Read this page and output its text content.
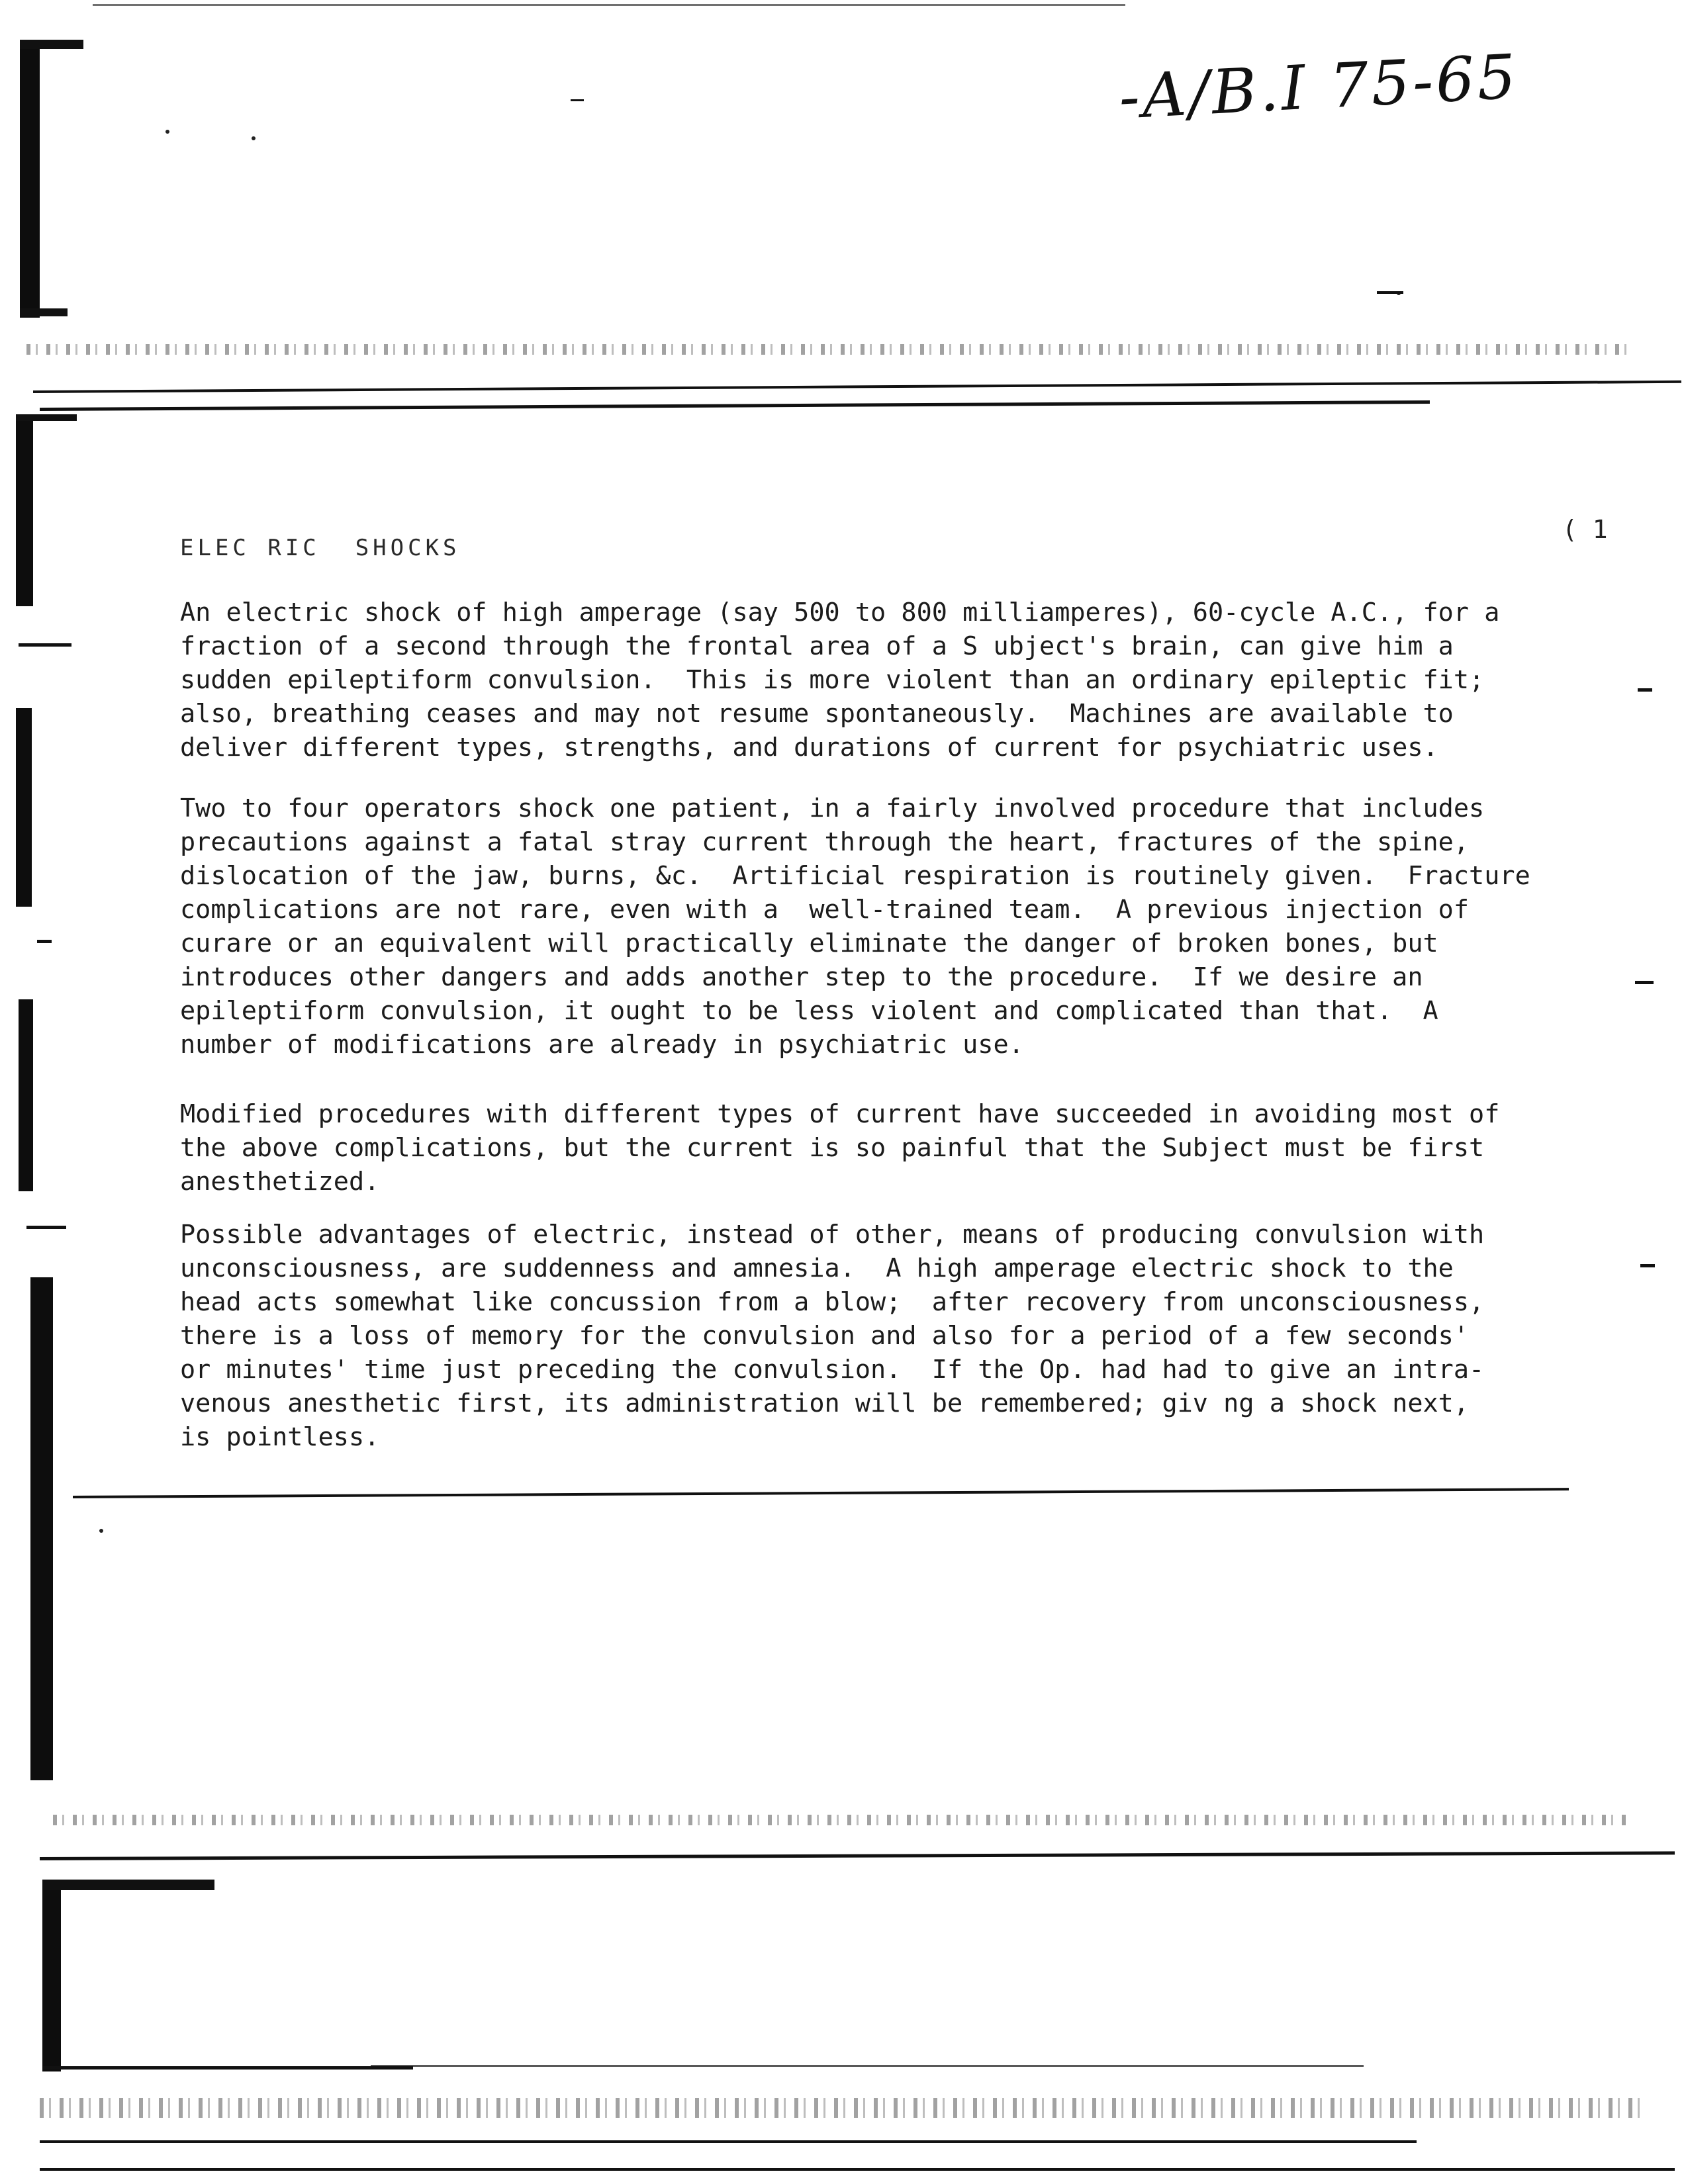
-A/B.I 75-65
ELEC RIC  SHOCKS
( 1
An electric shock of high amperage (say 500 to 800 milliamperes), 60-cycle A.C., for a
fraction of a second through the frontal area of a S ubject's brain, can give him a
sudden epileptiform convulsion.  This is more violent than an ordinary epileptic fit;
also, breathing ceases and may not resume spontaneously.  Machines are available to
deliver different types, strengths, and durations of current for psychiatric uses.
Two to four operators shock one patient, in a fairly involved procedure that includes
precautions against a fatal stray current through the heart, fractures of the spine,
dislocation of the jaw, burns, &c.  Artificial respiration is routinely given.  Fracture
complications are not rare, even with a  well-trained team.  A previous injection of
curare or an equivalent will practically eliminate the danger of broken bones, but
introduces other dangers and adds another step to the procedure.  If we desire an
epileptiform convulsion, it ought to be less violent and complicated than that.  A
number of modifications are already in psychiatric use.
Modified procedures with different types of current have succeeded in avoiding most of
the above complications, but the current is so painful that the Subject must be first
anesthetized.
Possible advantages of electric, instead of other, means of producing convulsion with
unconsciousness, are suddenness and amnesia.  A high amperage electric shock to the
head acts somewhat like concussion from a blow;  after recovery from unconsciousness,
there is a loss of memory for the convulsion and also for a period of a few seconds'
or minutes' time just preceding the convulsion.  If the Op. had had to give an intra-
venous anesthetic first, its administration will be remembered; giv ng a shock next,
is pointless.
